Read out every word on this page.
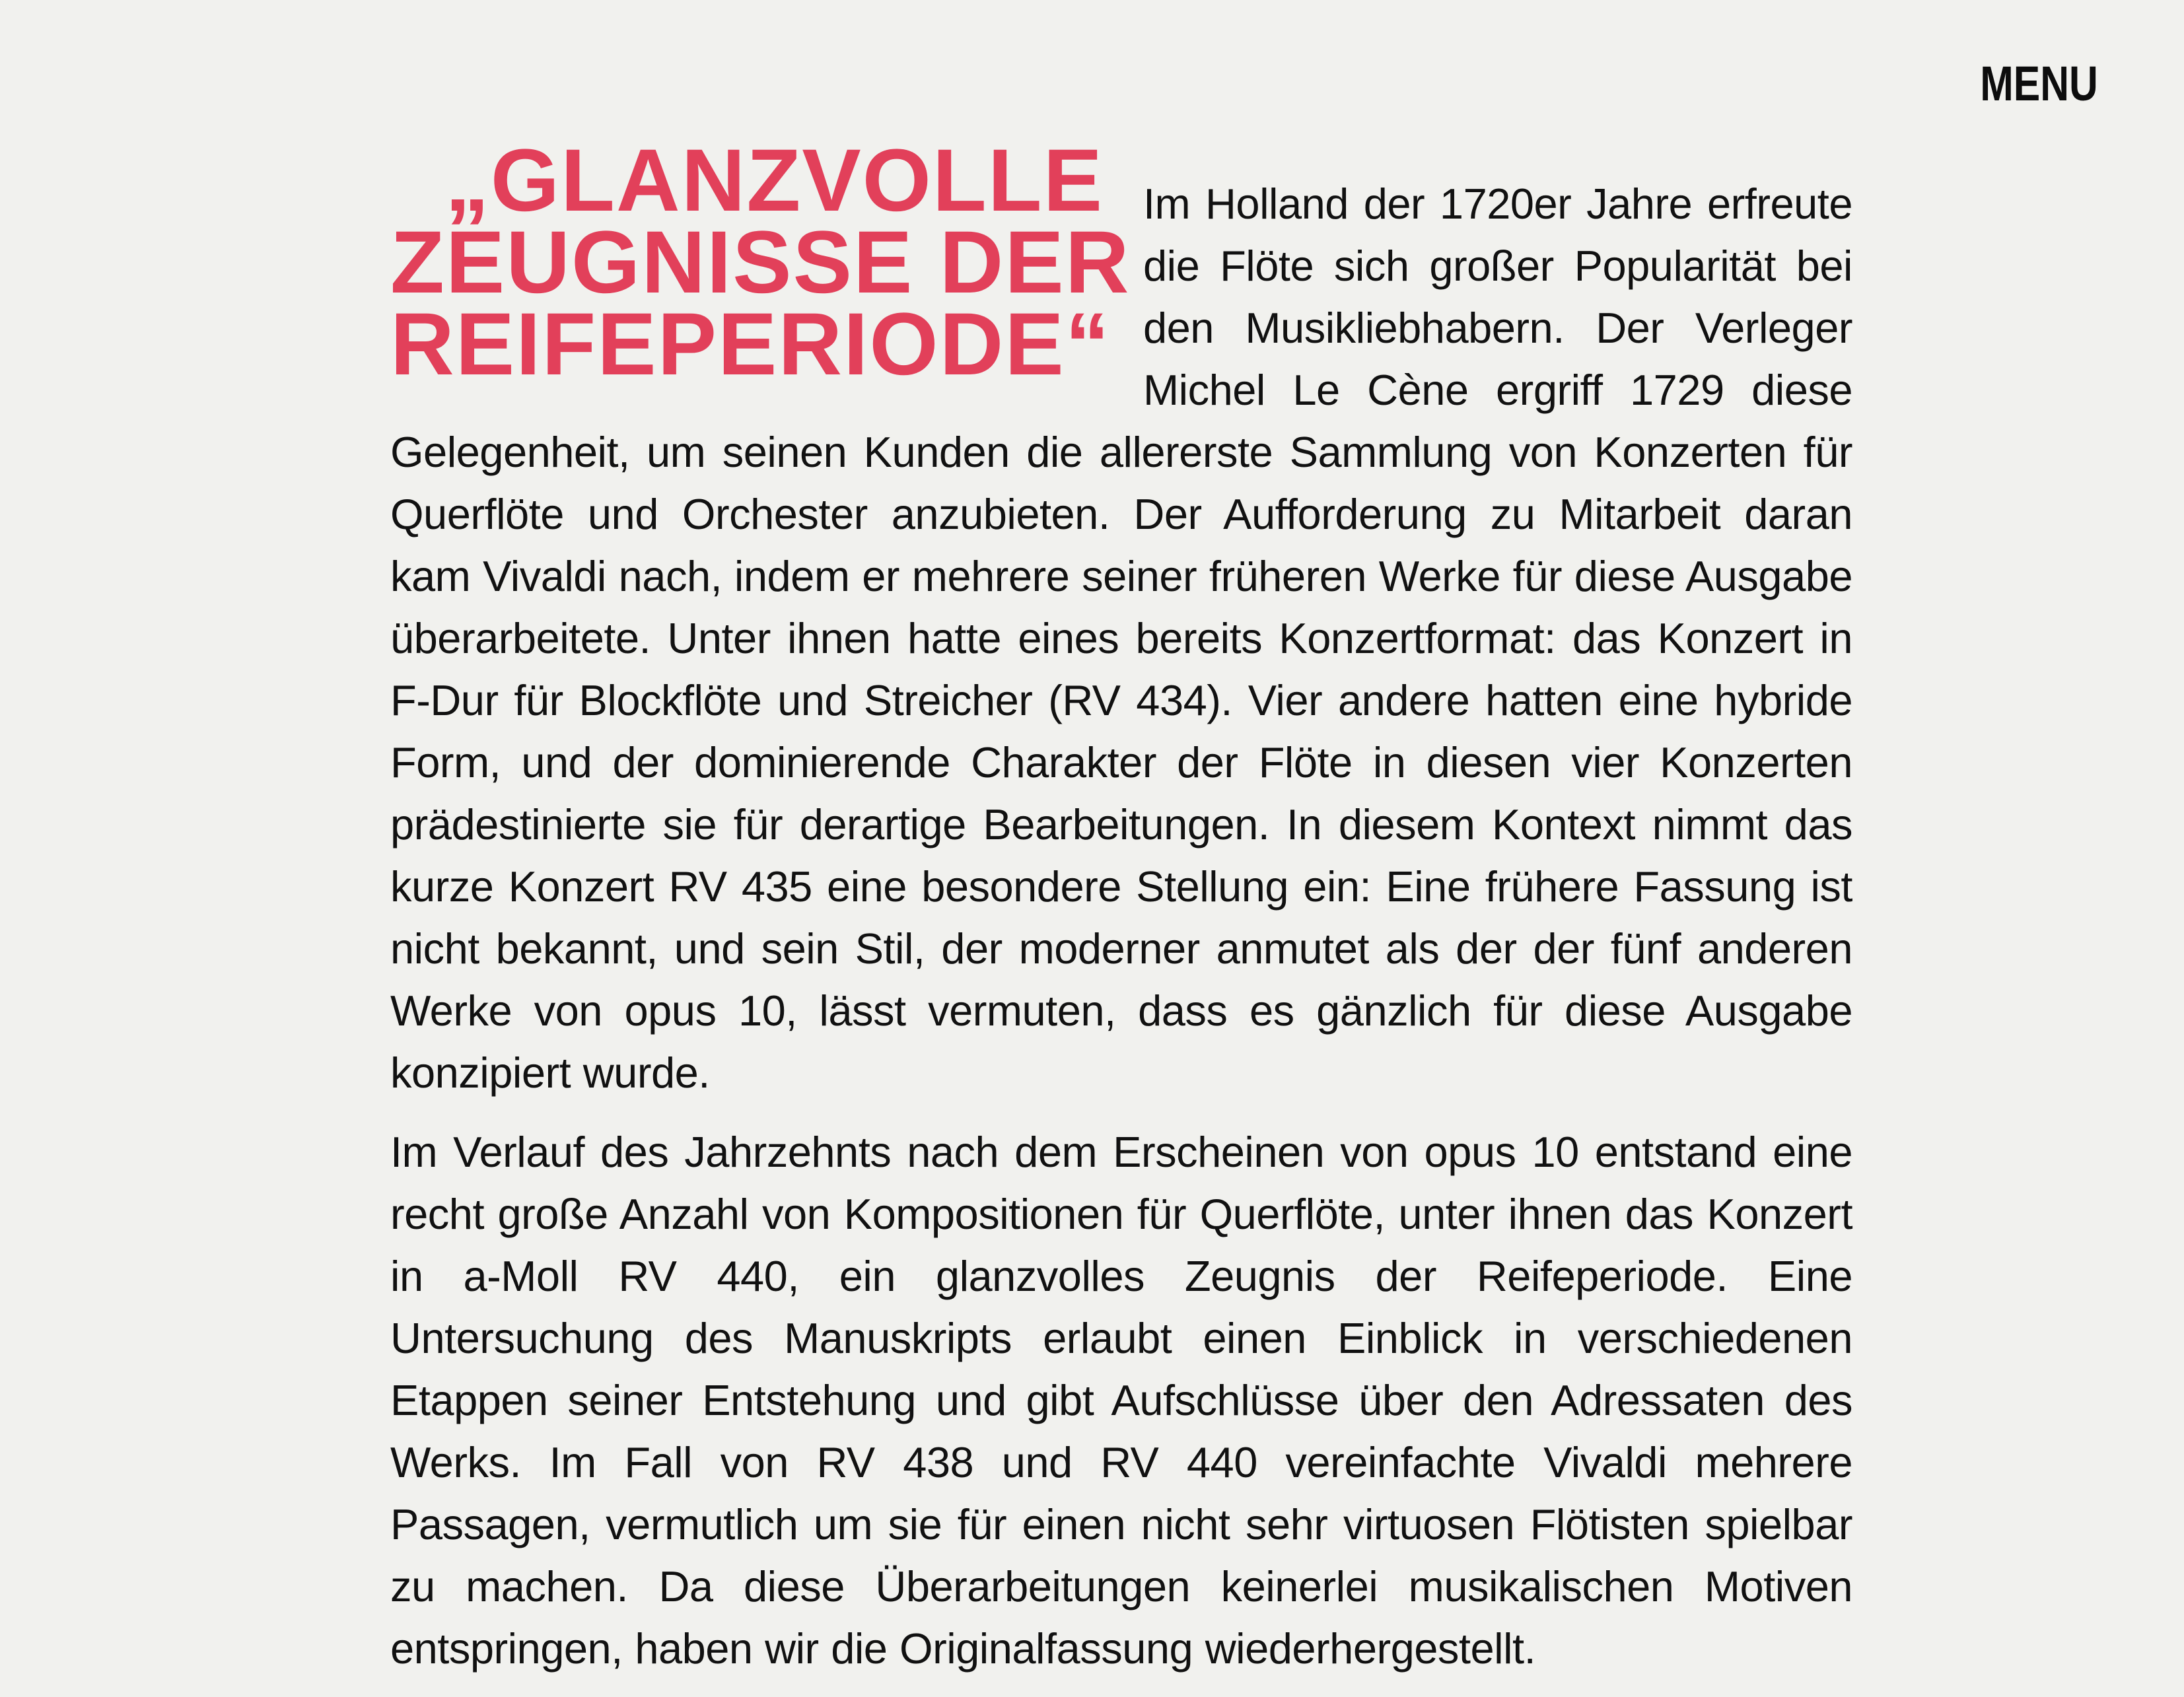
MENU
„GLANZVOLLE
ZEUGNISSE DER
REIFEPERIODE“

Im Holland der 1720er Jahre erfreute die Flöte sich großer Popularität bei den Musikliebhabern. Der Verleger Michel Le Cène ergriff 1729 diese Gelegenheit, um seinen Kunden die allererste Sammlung von Konzerten für Querflöte und Orchester anzubieten. Der Aufforderung zu Mitarbeit daran kam Vivaldi nach, indem er mehrere seiner früheren Werke für diese Ausgabe überarbeitete. Unter ihnen hatte eines bereits Konzertformat: das Konzert in F-Dur für Blockflöte und Streicher (RV 434). Vier andere hatten eine hybride Form, und der dominierende Charakter der Flöte in diesen vier Konzerten prädestinierte sie für derartige Bearbeitungen. In diesem Kontext nimmt das kurze Konzert RV 435 eine besondere Stellung ein: Eine frühere Fassung ist nicht bekannt, und sein Stil, der moderner anmutet als der der fünf anderen Werke von opus 10, lässt vermuten, dass es gänzlich für diese Ausgabe konzipiert wurde.

Im Verlauf des Jahrzehnts nach dem Erscheinen von opus 10 entstand eine recht große Anzahl von Kompositionen für Querflöte, unter ihnen das Konzert in a-Moll RV 440, ein glanzvolles Zeugnis der Reifeperiode. Eine Untersuchung des Manuskripts erlaubt einen Einblick in verschiedenen Etappen seiner Entstehung und gibt Aufschlüsse über den Adressaten des Werks. Im Fall von RV 438 und RV 440 vereinfachte Vivaldi mehrere Passagen, vermutlich um sie für einen nicht sehr virtuosen Flötisten spielbar zu machen. Da diese Überarbeitungen keinerlei musikalischen Motiven entspringen, haben wir die Originalfassung wiederhergestellt.
